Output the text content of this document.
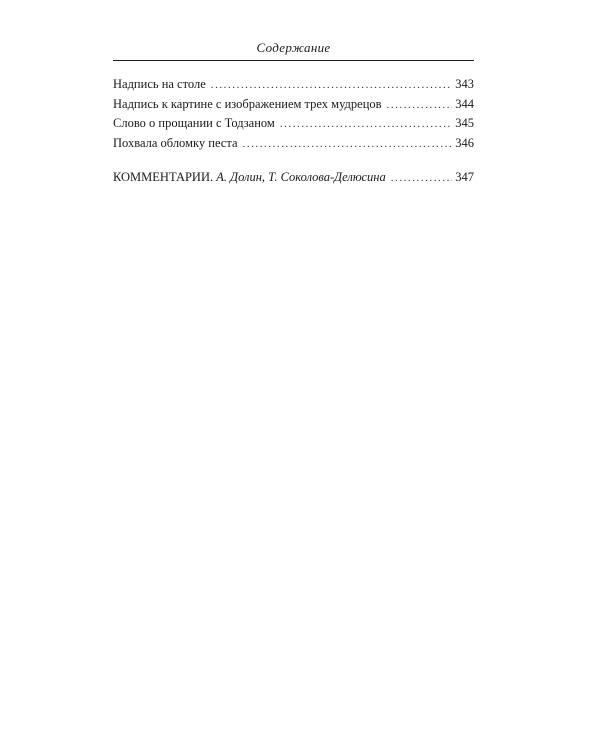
Содержание
Надпись на столе . . .	343
Надпись к картине с изображением трех мудрецов . . .	344
Слово о прощании с Тодзаном . . .	345
Похвала обломку песта . . .	346
КОММЕНТАРИИ. А. Долин, Т. Соколова-Делюсина . . .	347
